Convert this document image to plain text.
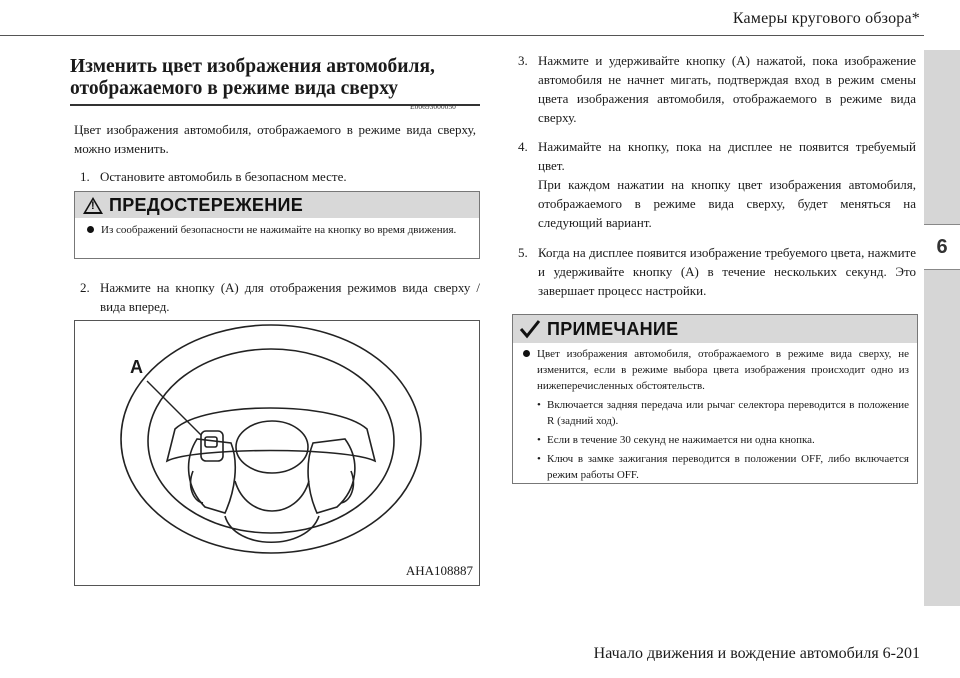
Камеры кругового обзора*
6
Изменить цвет изображения автомобиля, отображаемого в режиме вида сверху
E00693000050

Цвет изображения автомобиля, отображаемого в режиме вида сверху, можно изменить.

1. Остановите автомобиль в безопасном месте.
!
ПРЕДОСТЕРЕЖЕНИЕ
Из соображений безопасности не нажимайте на кнопку во время движения.
2. Нажмите на кнопку (A) для отображения режимов вида сверху / вида вперед.
A
AHA108887
3. Нажмите и удерживайте кнопку (A) нажатой, пока изображение автомобиля не начнет мигать, подтверждая вход в режим смены цвета изображения автомобиля, отображаемого в режиме вида сверху.
4. Нажимайте на кнопку, пока на дисплее не появится требуемый цвет.

При каждом нажатии на кнопку цвет изображения автомобиля, отображаемого в режиме вида сверху, будет меняться на следующий вариант.

5. Когда на дисплее появится изображение требуемого цвета, нажмите и удерживайте кнопку (A) в течение нескольких секунд. Это завершает процесс настройки.
ПРИМЕЧАНИЕ
Цвет изображения автомобиля, отображаемого в режиме вида сверху, не изменится, если в режиме выбора цвета изображения происходит одно из нижеперечисленных обстоятельств.
• Включается задняя передача или рычаг селектора переводится в положение R (задний ход).
• Если в течение 30 секунд не нажимается ни одна кнопка.
• Ключ в замке зажигания переводится в положении OFF, либо включается режим работы OFF.
Начало движения и вождение автомобиля 6-201
